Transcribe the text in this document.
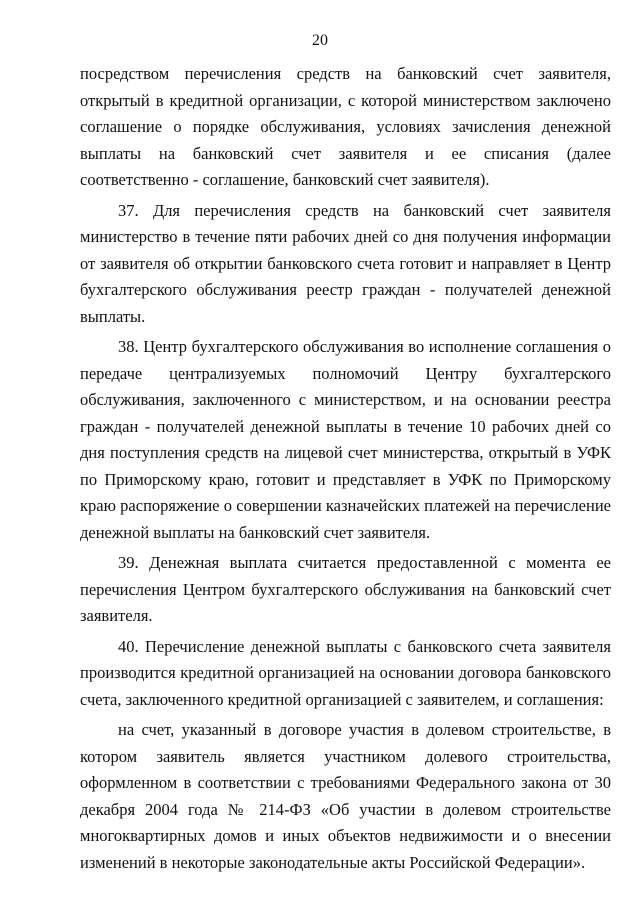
20

посредством перечисления средств на банковский счет заявителя, открытый в кредитной организации, с которой министерством заключено соглашение о порядке обслуживания, условиях зачисления денежной выплаты на банковский счет заявителя и ее списания (далее соответственно - соглашение, банковский счет заявителя).

37. Для перечисления средств на банковский счет заявителя министерство в течение пяти рабочих дней со дня получения информации от заявителя об открытии банковского счета готовит и направляет в Центр бухгалтерского обслуживания реестр граждан - получателей денежной выплаты.

38. Центр бухгалтерского обслуживания во исполнение соглашения о передаче централизуемых полномочий Центру бухгалтерского обслуживания, заключенного с министерством, и на основании реестра граждан - получателей денежной выплаты в течение 10 рабочих дней со дня поступления средств на лицевой счет министерства, открытый в УФК по Приморскому краю, готовит и представляет в УФК по Приморскому краю распоряжение о совершении казначейских платежей на перечисление денежной выплаты на банковский счет заявителя.

39. Денежная выплата считается предоставленной с момента ее перечисления Центром бухгалтерского обслуживания на банковский счет заявителя.

40. Перечисление денежной выплаты с банковского счета заявителя производится кредитной организацией на основании договора банковского счета, заключенного кредитной организацией с заявителем, и соглашения:

на счет, указанный в договоре участия в долевом строительстве, в котором заявитель является участником долевого строительства, оформленном в соответствии с требованиями Федерального закона от 30 декабря 2004 года № 214-ФЗ «Об участии в долевом строительстве многоквартирных домов и иных объектов недвижимости и о внесении изменений в некоторые законодательные акты Российской Федерации».
